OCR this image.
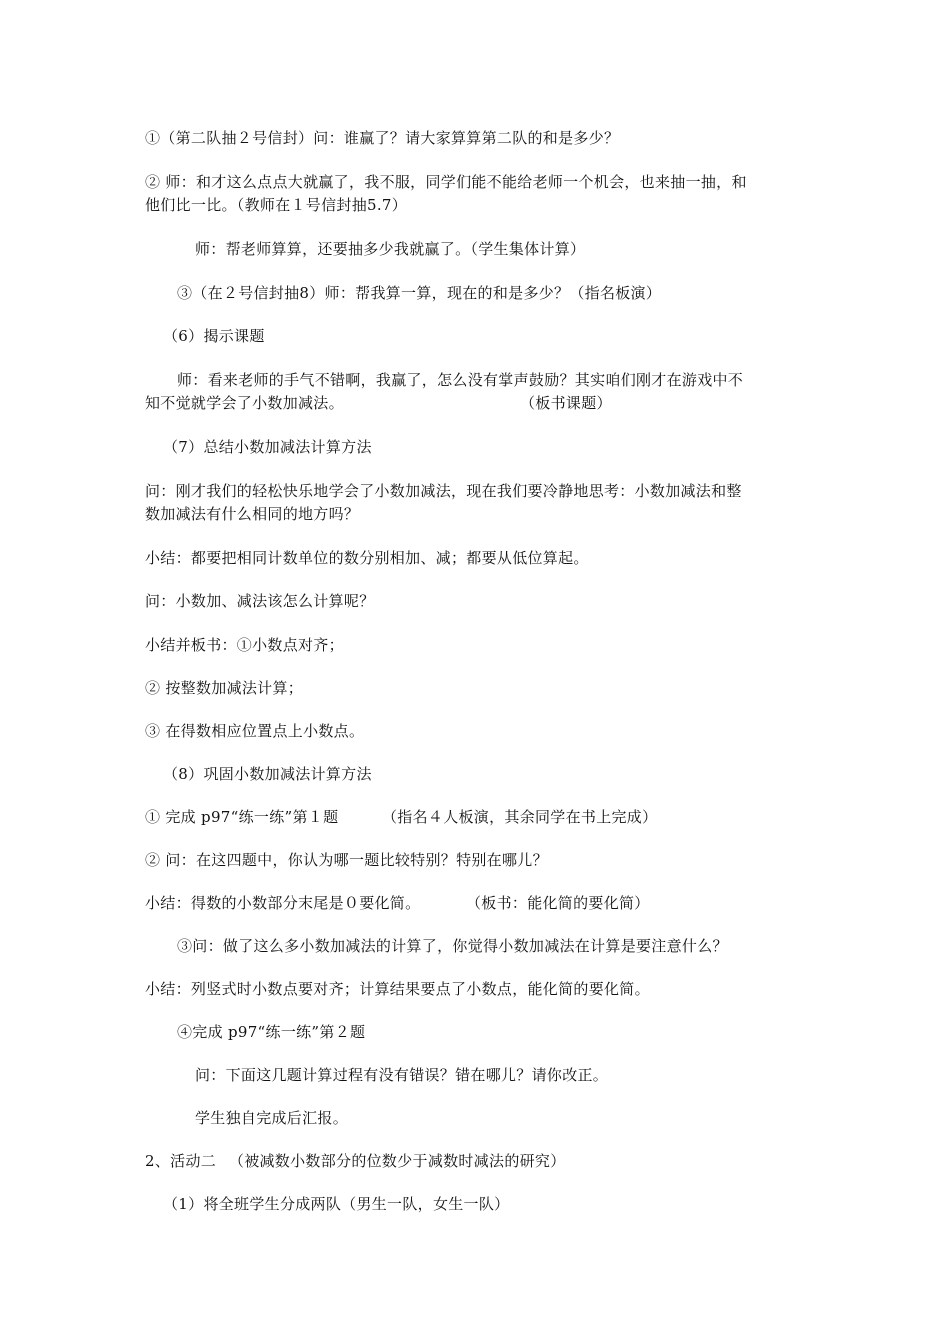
①（第二队抽２号信封）问：谁赢了？请大家算算第二队的和是多少？
② 师：和才这么点点大就赢了，我不服，同学们能不能给老师一个机会，也来抽一抽，和
他们比一比。（教师在１号信封抽5.7）
师：帮老师算算，还要抽多少我就赢了。（学生集体计算）
③（在２号信封抽8）师：帮我算一算，现在的和是多少？（指名板演）
（6）揭示课题
师：看来老师的手气不错啊，我赢了，怎么没有掌声鼓励？其实咱们刚才在游戏中不
知不觉就学会了小数加减法。	（板书课题）
（7）总结小数加减法计算方法
问：刚才我们的轻松快乐地学会了小数加减法，现在我们要冷静地思考：小数加减法和整
数加减法有什么相同的地方吗？
小结：都要把相同计数单位的数分别相加、减；都要从低位算起。
问：小数加、减法该怎么计算呢？
小结并板书：①小数点对齐；
② 按整数加减法计算；
③ 在得数相应位置点上小数点。
（8）巩固小数加减法计算方法
① 完成 p97“练一练”第１题	（指名４人板演，其余同学在书上完成）
② 问：在这四题中，你认为哪一题比较特别？特别在哪儿？
小结：得数的小数部分末尾是０要化简。	（板书：能化简的要化简）
③问：做了这么多小数加减法的计算了，你觉得小数加减法在计算是要注意什么？
小结：列竖式时小数点要对齐；计算结果要点了小数点，能化简的要化简。
④完成 p97“练一练”第２题
问：下面这几题计算过程有没有错误？错在哪儿？请你改正。
学生独自完成后汇报。
2、活动二 　（被减数小数部分的位数少于减数时减法的研究）
（1）将全班学生分成两队（男生一队，女生一队）
